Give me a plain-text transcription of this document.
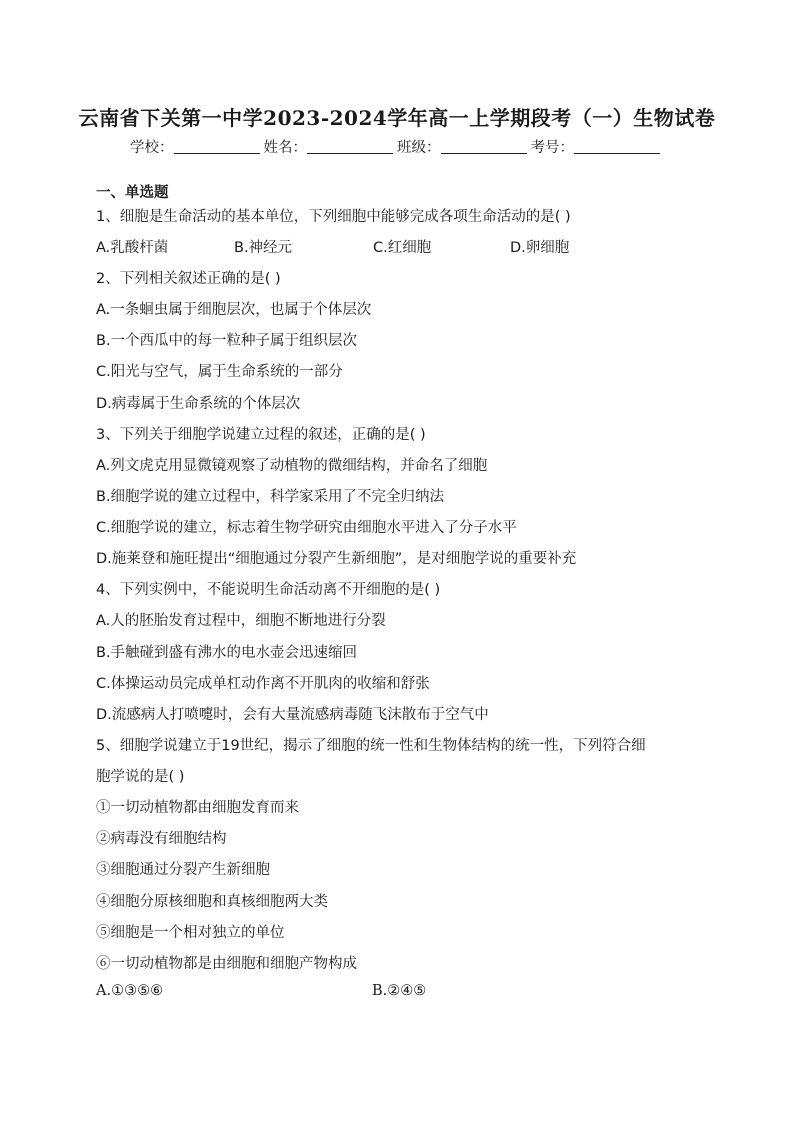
云南省下关第一中学2023-2024学年高一上学期段考（一）生物试卷
学校：	姓名：	班级：	考号：
一、单选题
1、细胞是生命活动的基本单位，下列细胞中能够完成各项生命活动的是( )
A.乳酸杆菌	B.神经元	C.红细胞	D.卵细胞
2、下列相关叙述正确的是( )
A.一条蛔虫属于细胞层次，也属于个体层次
B.一个西瓜中的每一粒种子属于组织层次
C.阳光与空气，属于生命系统的一部分
D.病毒属于生命系统的个体层次
3、下列关于细胞学说建立过程的叙述，正确的是( )
A.列文虎克用显微镜观察了动植物的微细结构，并命名了细胞
B.细胞学说的建立过程中，科学家采用了不完全归纳法
C.细胞学说的建立，标志着生物学研究由细胞水平进入了分子水平
D.施莱登和施旺提出“细胞通过分裂产生新细胞”，是对细胞学说的重要补充
4、下列实例中，不能说明生命活动离不开细胞的是( )
A.人的胚胎发育过程中，细胞不断地进行分裂
B.手触碰到盛有沸水的电水壶会迅速缩回
C.体操运动员完成单杠动作离不开肌肉的收缩和舒张
D.流感病人打喷嚏时，会有大量流感病毒随飞沫散布于空气中
5、细胞学说建立于19世纪，揭示了细胞的统一性和生物体结构的统一性，下列符合细
胞学说的是( )
①一切动植物都由细胞发育而来
②病毒没有细胞结构
③细胞通过分裂产生新细胞
④细胞分原核细胞和真核细胞两大类
⑤细胞是一个相对独立的单位
⑥一切动植物都是由细胞和细胞产物构成
A.①③⑤⑥	B.②④⑤
